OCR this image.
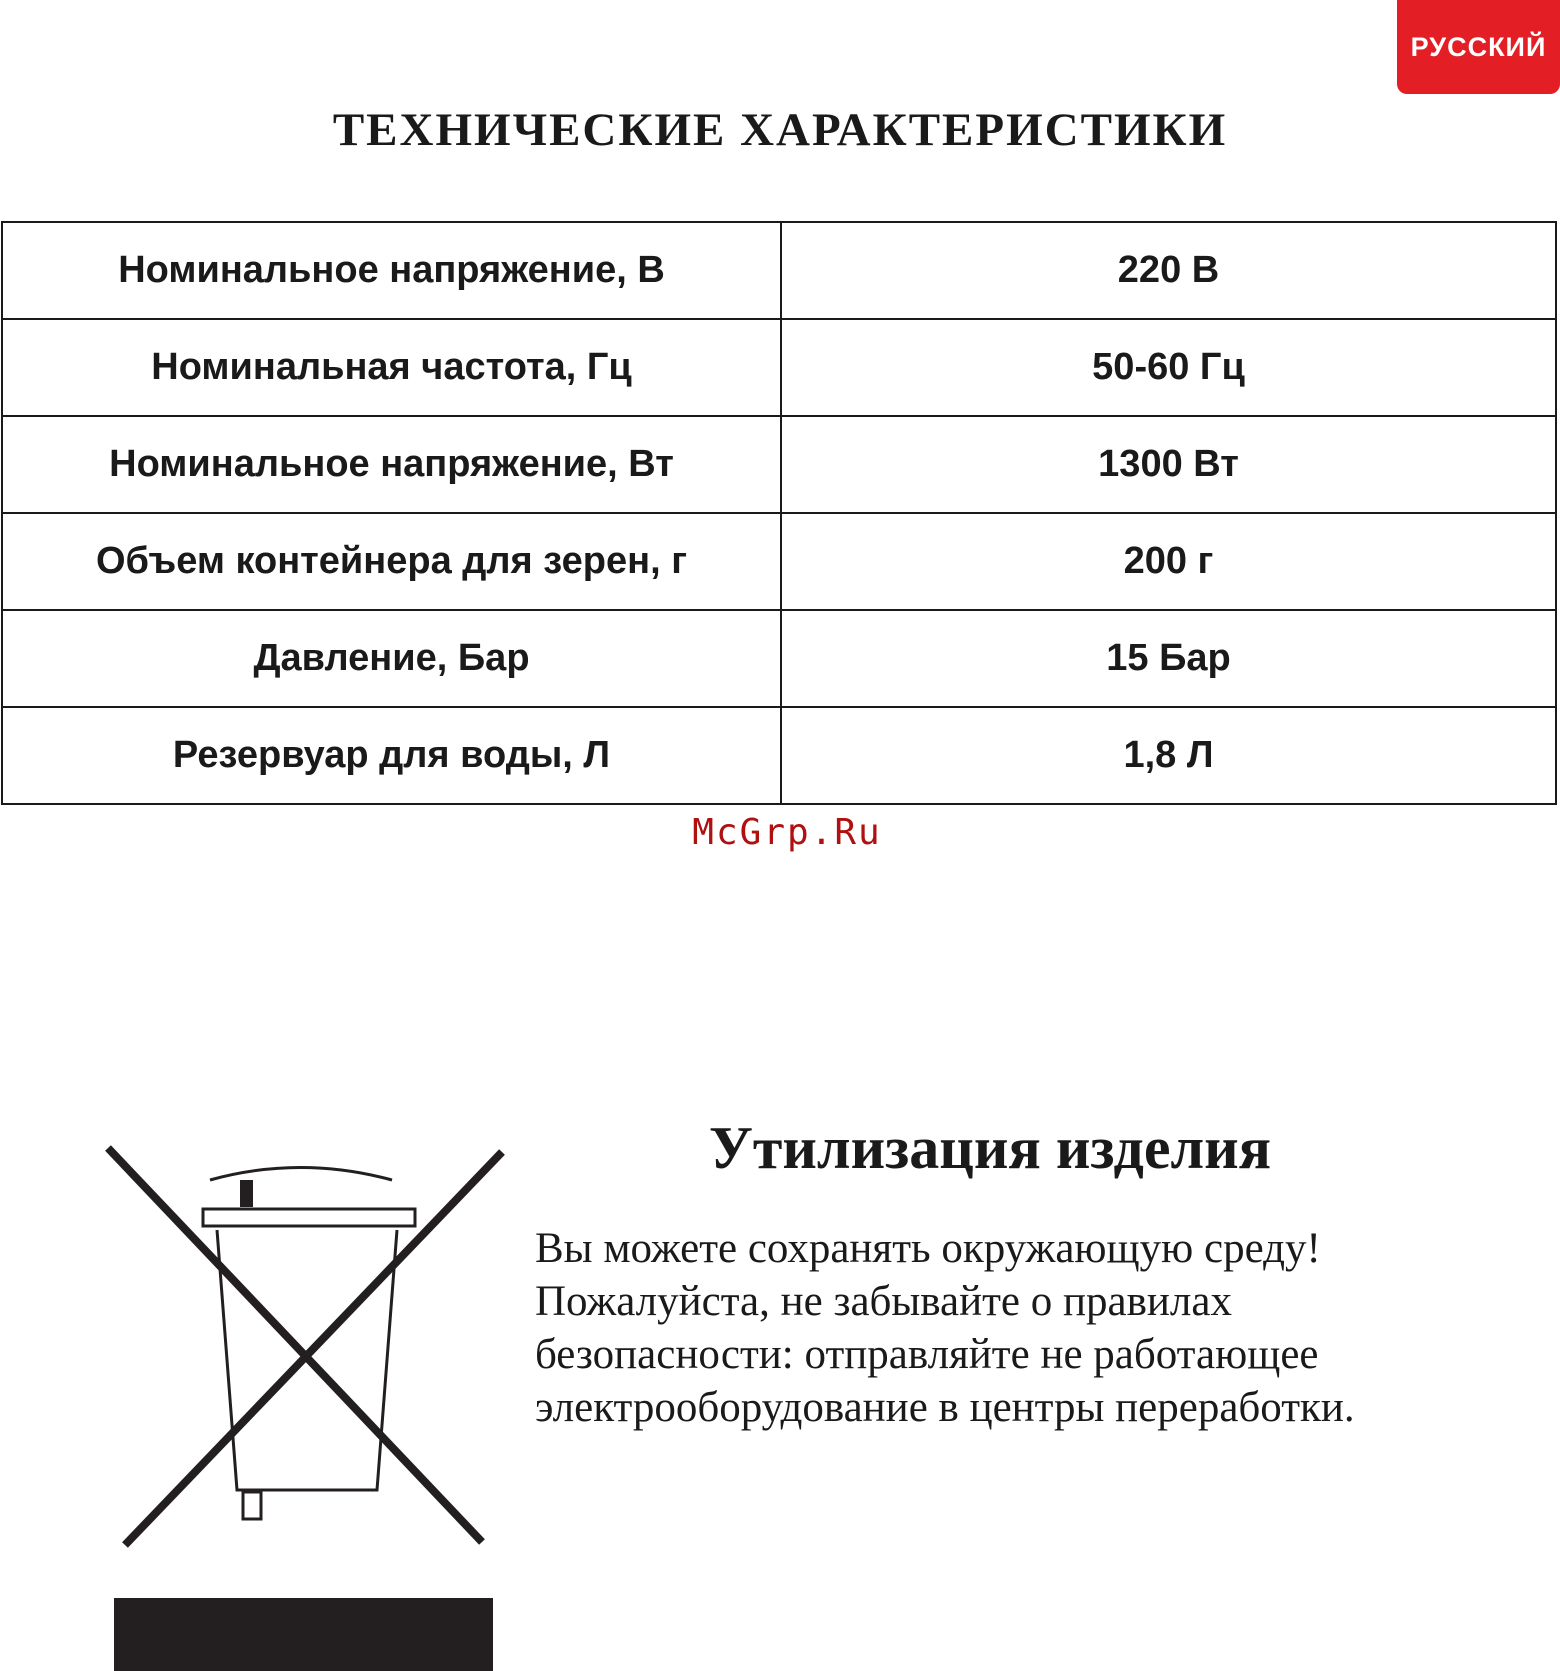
РУССКИЙ
ТЕХНИЧЕСКИЕ ХАРАКТЕРИСТИКИ
Номинальное напряжение, В	220 В
Номинальная частота, Гц	50-60 Гц
Номинальное напряжение, Вт	1300 Вт
Объем контейнера для зерен, г	200 г
Давление, Бар	15 Бар
Резервуар для воды, Л	1,8 Л
McGrp.Ru
Утилизация изделия

Вы можете сохранять окружающую среду!
Пожалуйста, не забывайте о правилах
безопасности: отправляйте не работающее
электрооборудование в центры переработки.
